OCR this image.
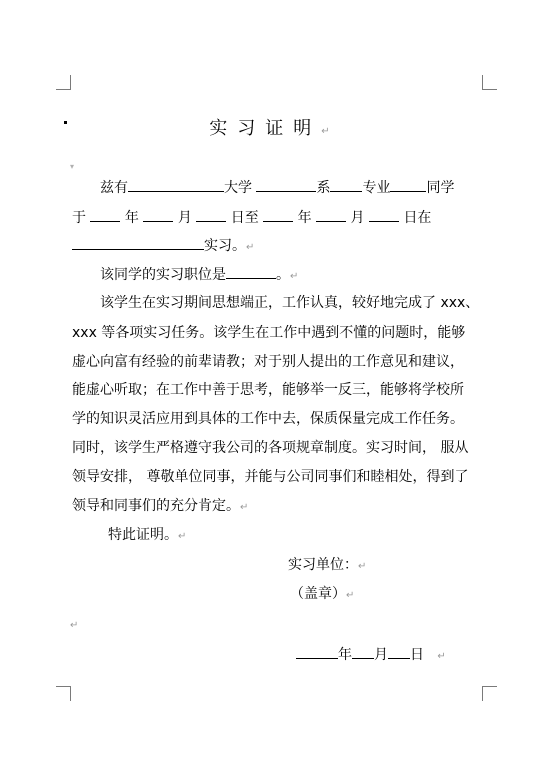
▾
实习证明↵
兹有	大学	系 专业	同学
于	年	月	日至	年	月	日在
实习。↵
该同学的实习职位是	。↵
该学生在实习期间思想端正，工作认真，较好地完成了 xxx、
xxx 等各项实习任务。该学生在工作中遇到不懂的问题时，能够
虚心向富有经验的前辈请教；对于别人提出的工作意见和建议，
能虚心听取；在工作中善于思考，能够举一反三，能够将学校所
学的知识灵活应用到具体的工作中去，保质保量完成工作任务。
同时，该学生严格遵守我公司的各项规章制度。实习时间， 服从
领导安排， 尊敬单位同事，并能与公司同事们和睦相处，得到了
领导和同事们的充分肯定。↵
特此证明。↵
实习单位：↵
（盖章）↵
↵
年 月 日 ↵
